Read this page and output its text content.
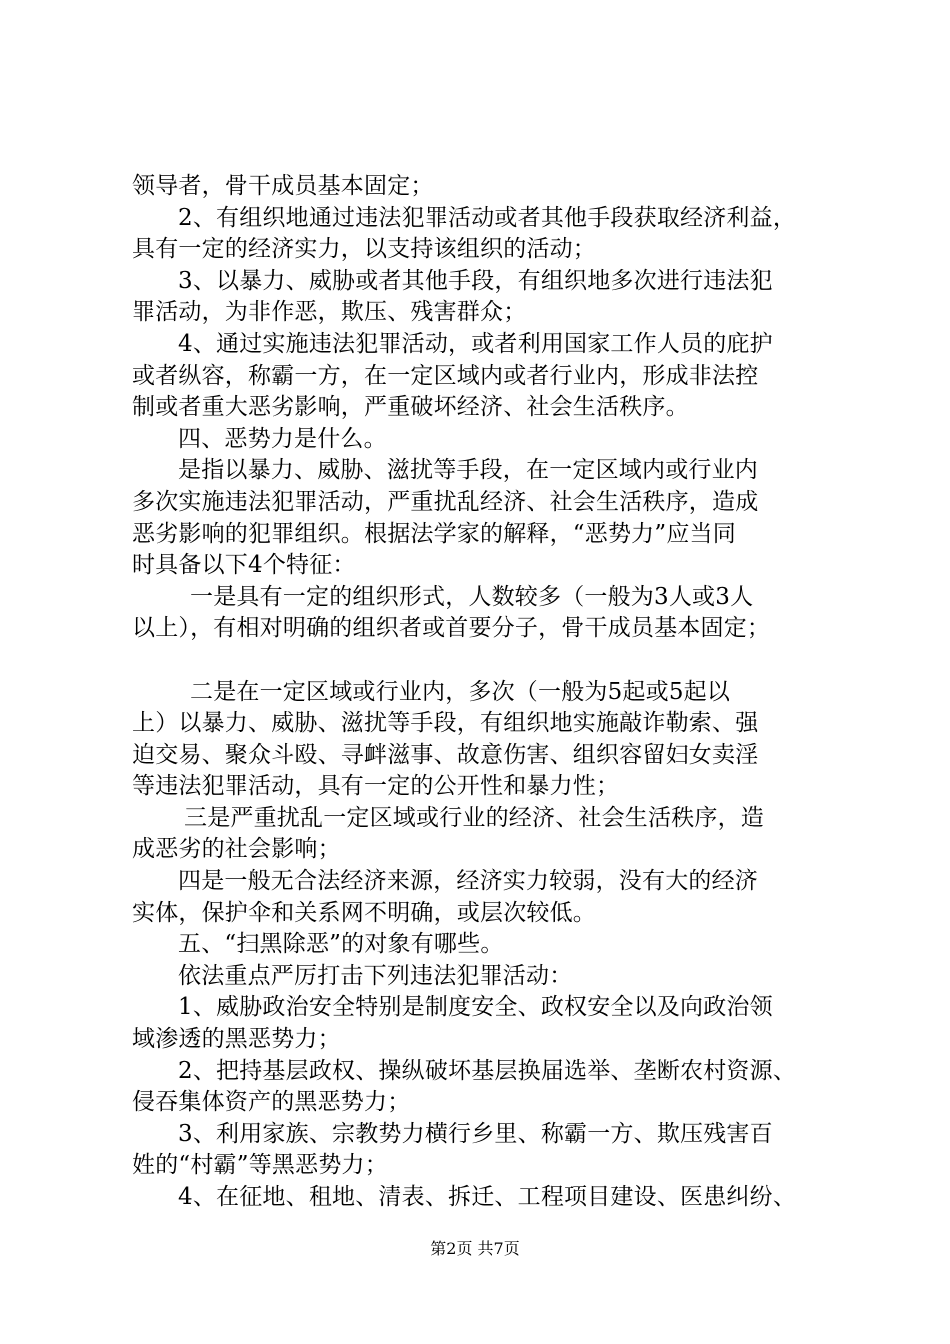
领导者，骨干成员基本固定；
2、有组织地通过违法犯罪活动或者其他手段获取经济利益，
具有一定的经济实力，以支持该组织的活动；
3、以暴力、威胁或者其他手段，有组织地多次进行违法犯
罪活动，为非作恶，欺压、残害群众；
4、通过实施违法犯罪活动，或者利用国家工作人员的庇护
或者纵容，称霸一方，在一定区域内或者行业内，形成非法控
制或者重大恶劣影响，严重破坏经济、社会生活秩序。
四、恶势力是什么。
是指以暴力、威胁、滋扰等手段，在一定区域内或行业内
多次实施违法犯罪活动，严重扰乱经济、社会生活秩序，造成
恶劣影响的犯罪组织。根据法学家的解释，“恶势力”应当同
时具备以下4个特征：
一是具有一定的组织形式，人数较多（一般为3人或3人
以上），有相对明确的组织者或首要分子，骨干成员基本固定；
二是在一定区域或行业内，多次（一般为5起或5起以
上）以暴力、威胁、滋扰等手段，有组织地实施敲诈勒索、强
迫交易、聚众斗殴、寻衅滋事、故意伤害、组织容留妇女卖淫
等违法犯罪活动，具有一定的公开性和暴力性；
三是严重扰乱一定区域或行业的经济、社会生活秩序，造
成恶劣的社会影响；
四是一般无合法经济来源，经济实力较弱，没有大的经济
实体，保护伞和关系网不明确，或层次较低。
五、“扫黑除恶”的对象有哪些。
依法重点严厉打击下列违法犯罪活动：
1、威胁政治安全特别是制度安全、政权安全以及向政治领
域渗透的黑恶势力；
2、把持基层政权、操纵破坏基层换届选举、垄断农村资源、
侵吞集体资产的黑恶势力；
3、利用家族、宗教势力横行乡里、称霸一方、欺压残害百
姓的“村霸”等黑恶势力；
4、在征地、租地、清表、拆迁、工程项目建设、医患纠纷、
第2页 共7页
